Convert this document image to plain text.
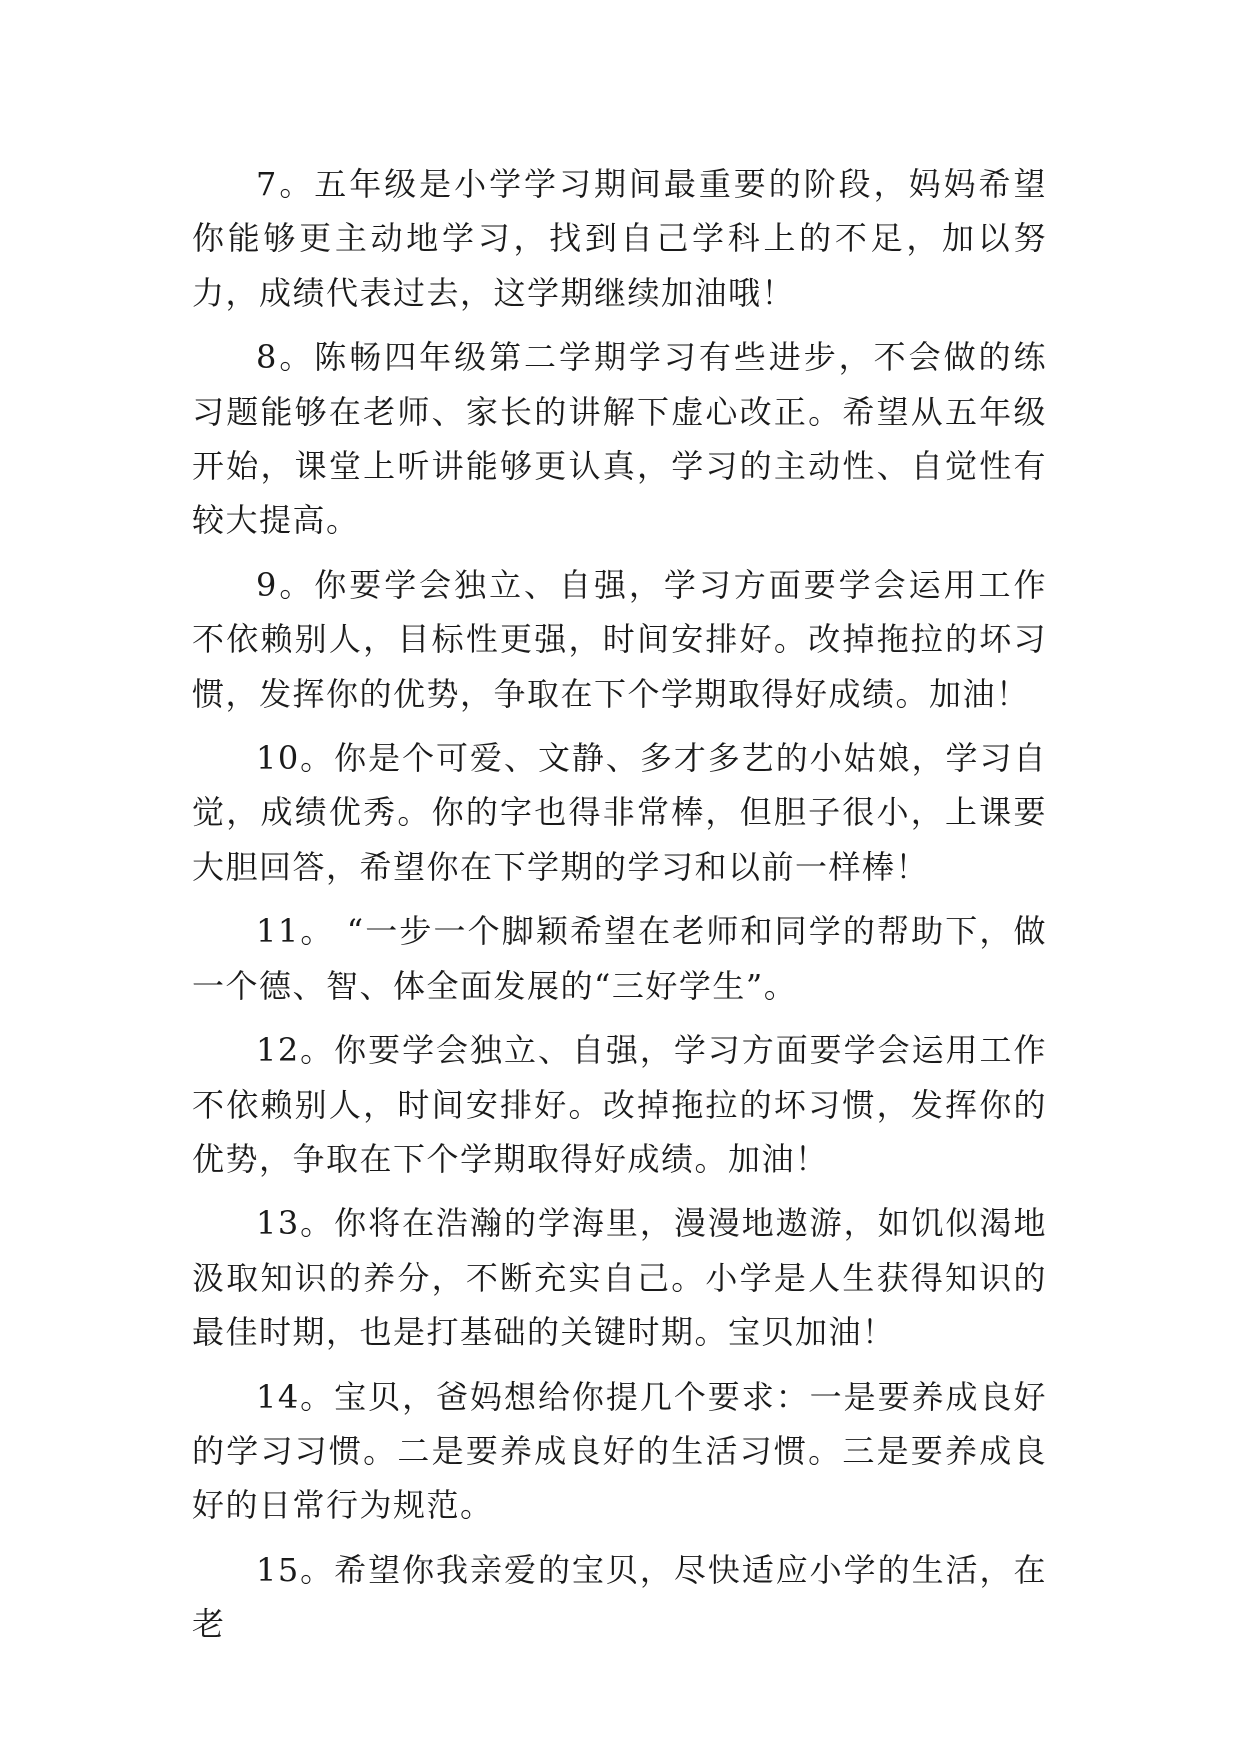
7。五年级是小学学习期间最重要的阶段，妈妈希望你能够更主动地学习，找到自己学科上的不足，加以努力，成绩代表过去，这学期继续加油哦！

8。陈畅四年级第二学期学习有些进步，不会做的练习题能够在老师、家长的讲解下虚心改正。希望从五年级开始，课堂上听讲能够更认真，学习的主动性、自觉性有较大提高。

9。你要学会独立、自强，学习方面要学会运用工作不依赖别人，目标性更强，时间安排好。改掉拖拉的坏习惯，发挥你的优势，争取在下个学期取得好成绩。加油！

10。你是个可爱、文静、多才多艺的小姑娘，学习自觉，成绩优秀。你的字也得非常棒，但胆子很小，上课要大胆回答，希望你在下学期的学习和以前一样棒！

11。 “一步一个脚颖希望在老师和同学的帮助下，做一个德、智、体全面发展的“三好学生”。

12。你要学会独立、自强，学习方面要学会运用工作不依赖别人，时间安排好。改掉拖拉的坏习惯，发挥你的优势，争取在下个学期取得好成绩。加油！

13。你将在浩瀚的学海里，漫漫地遨游，如饥似渴地汲取知识的养分，不断充实自己。小学是人生获得知识的最佳时期，也是打基础的关键时期。宝贝加油！

14。宝贝，爸妈想给你提几个要求：一是要养成良好的学习习惯。二是要养成良好的生活习惯。三是要养成良好的日常行为规范。

15。希望你我亲爱的宝贝，尽快适应小学的生活，在老
